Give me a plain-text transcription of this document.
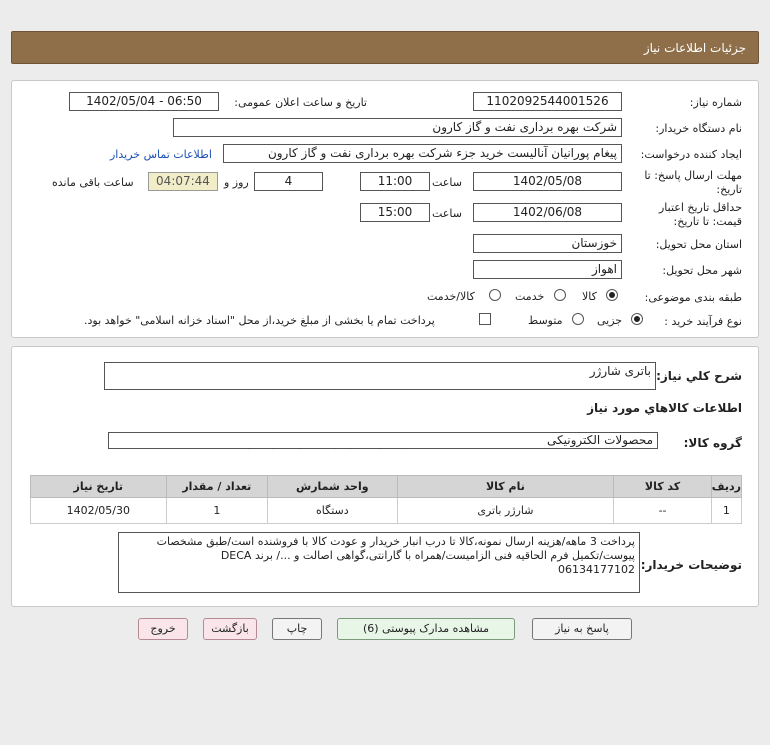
جزئیات اطلاعات نیاز
شماره نیاز:
1102092544001526
تاریخ و ساعت اعلان عمومی:
1402/05/04 - 06:50
نام دستگاه خریدار:
شرکت بهره برداری نفت و گاز کارون
ایجاد کننده درخواست:
پیغام پورانیان آنالیست خرید جزء شرکت بهره برداری نفت و گاز کارون
اطلاعات تماس خریدار
مهلت ارسال پاسخ: تا
تاریخ:
1402/05/08
ساعت
11:00
4
روز و
04:07:44
ساعت باقی مانده
حداقل تاریخ اعتبار
قیمت: تا تاریخ:
1402/06/08
ساعت
15:00
استان محل تحویل:
خوزستان
شهر محل تحویل:
اهواز
طبقه بندی موضوعی:
کالا
خدمت
کالا/خدمت
نوع فرآیند خرید :
جزیی
متوسط
پرداخت تمام یا بخشی از مبلغ خرید،از محل "اسناد خزانه اسلامی" خواهد بود.
شرح کلي نياز:
باتری شارژر
اطلاعات کالاهاي مورد نياز
گروه کالا:
محصولات الکترونیکی
ردیف	کد کالا	نام کالا	واحد شمارش	تعداد / مقدار	تاریخ نیاز
1	--	شارژر باتری	دستگاه	1	1402/05/30
توضیحات خریدار:
پرداخت 3 ماهه/هزینه ارسال نمونه،کالا تا درب انبار خریدار و عودت کالا با فروشنده است/طبق مشخصات
پیوست/تکمیل فرم الحاقیه فنی الزامیست/همراه با گارانتی،گواهی اصالت و .../ برند DECA
06134177102
پاسخ به نیاز
مشاهده مدارک پیوستی (6)
چاپ
بازگشت
خروج
